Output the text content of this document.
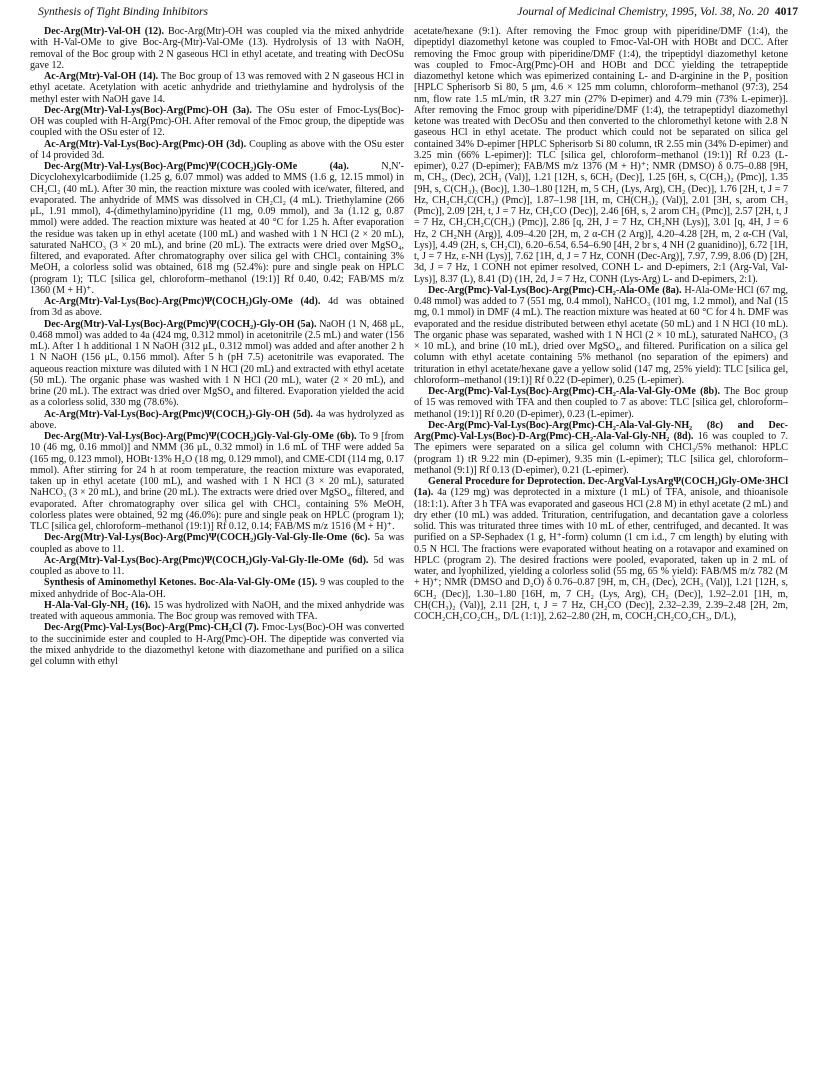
Synthesis of Tight Binding Inhibitors	Journal of Medicinal Chemistry, 1995, Vol. 38, No. 20 4017

Dec-Arg(Mtr)-Val-OH (12). Boc-Arg(Mtr)-OH was coupled via the mixed anhydride with H-Val-OMe to give Boc-Arg-(Mtr)-Val-OMe (13). Hydrolysis of 13 with NaOH, removal of the Boc group with 2 N gaseous HCl in ethyl acetate, and treating with DecOSu gave 12.

Ac-Arg(Mtr)-Val-OH (14). The Boc group of 13 was removed with 2 N gaseous HCl in ethyl acetate. Acetylation with acetic anhydride and triethylamine and hydrolysis of the methyl ester with NaOH gave 14.

Dec-Arg(Mtr)-Val-Lys(Boc)-Arg(Pmc)-OH (3a). The OSu ester of Fmoc-Lys(Boc)-OH was coupled with H-Arg(Pmc)-OH. After removal of the Fmoc group, the dipeptide was coupled with the OSu ester of 12.

Ac-Arg(Mtr)-Val-Lys(Boc)-Arg(Pmc)-OH (3d). Coupling as above with the OSu ester of 14 provided 3d.

Dec-Arg(Mtr)-Val-Lys(Boc)-Arg(Pmc)Ψ(COCH₂)Gly-OMe (4a). N,N′-Dicyclohexylcarbodiimide (1.25 g, 6.07 mmol) was added to MMS (1.6 g, 12.15 mmol) in CH₂Cl₂ (40 mL). After 30 min, the reaction mixture was cooled with ice/water, filtered, and evaporated. The anhydride of MMS was dissolved in CH₂Cl₂ (4 mL). Triethylamine (266 μL, 1.91 mmol), 4-(dimethylamino)pyridine (11 mg, 0.09 mmol), and 3a (1.12 g, 0.87 mmol) were added. The reaction mixture was heated at 40 °C for 1.25 h. After evaporation the residue was taken up in ethyl acetate (100 mL) and washed with 1 N HCl (2 × 20 mL), saturated NaHCO₃ (3 × 20 mL), and brine (20 mL). The extracts were dried over MgSO₄, filtered, and evaporated. After chromatography over silica gel with CHCl₃ containing 3% MeOH, a colorless solid was obtained, 618 mg (52.4%): pure and single peak on HPLC (program 1); TLC [silica gel, chloroform–methanol (19:1)] Rf 0.40, 0.42; FAB/MS m/z 1360 (M + H)⁺.

Ac-Arg(Mtr)-Val-Lys(Boc)-Arg(Pmc)Ψ(COCH₂)Gly-OMe (4d). 4d was obtained from 3d as above.

Dec-Arg(Mtr)-Val-Lys(Boc)-Arg(Pmc)Ψ(COCH₂)-Gly-OH (5a). NaOH (1 N, 468 μL, 0.468 mmol) was added to 4a (424 mg, 0.312 mmol) in acetonitrile (2.5 mL) and water (156 mL). After 1 h additional 1 N NaOH (312 μL, 0.312 mmol) was added and after another 2 h 1 N NaOH (156 μL, 0.156 mmol). After 5 h (pH 7.5) acetonitrile was evaporated. The aqueous reaction mixture was diluted with 1 N HCl (20 mL) and extracted with ethyl acetate (50 mL). The organic phase was washed with 1 N HCl (20 mL), water (2 × 20 mL), and brine (20 mL). The extract was dried over MgSO₄ and filtered. Evaporation yielded the acid as a colorless solid, 330 mg (78.6%).

Ac-Arg(Mtr)-Val-Lys(Boc)-Arg(Pmc)Ψ(COCH₂)-Gly-OH (5d). 4a was hydrolyzed as above.

Dec-Arg(Mtr)-Val-Lys(Boc)-Arg(Pmc)Ψ(COCH₂)Gly-Val-Gly-OMe (6b). To 9 [from 10 (46 mg, 0.16 mmol)] and NMM (36 μL, 0.32 mmol) in 1.6 mL of THF were added 5a (165 mg, 0.123 mmol), HOBt·13% H₂O (18 mg, 0.129 mmol), and CME-CDI (114 mg, 0.17 mmol). After stirring for 24 h at room temperature, the reaction mixture was evaporated, taken up in ethyl acetate (100 mL), and washed with 1 N HCl (3 × 20 mL), saturated NaHCO₃ (3 × 20 mL), and brine (20 mL). The extracts were dried over MgSO₄, filtered, and evaporated. After chromatography over silica gel with CHCl₃ containing 5% MeOH, colorless plates were obtained, 92 mg (46.0%): pure and single peak on HPLC (program 1); TLC [silica gel, chloroform–methanol (19:1)] Rf 0.12, 0.14; FAB/MS m/z 1516 (M + H)⁺.

Dec-Arg(Mtr)-Val-Lys(Boc)-Arg(Pmc)Ψ(COCH₂)Gly-Val-Gly-Ile-Ome (6c). 5a was coupled as above to 11.

Ac-Arg(Mtr)-Val-Lys(Boc)-Arg(Pmc)Ψ(COCH₂)Gly-Val-Gly-Ile-OMe (6d). 5d was coupled as above to 11.

Synthesis of Aminomethyl Ketones. Boc-Ala-Val-Gly-OMe (15). 9 was coupled to the mixed anhydride of Boc-Ala-OH.

H-Ala-Val-Gly-NH₂ (16). 15 was hydrolized with NaOH, and the mixed anhydride was treated with aqueous ammonia. The Boc group was removed with TFA.

Dec-Arg(Pmc)-Val-Lys(Boc)-Arg(Pmc)-CH₂Cl (7). Fmoc-Lys(Boc)-OH was converted to the succinimide ester and coupled to H-Arg(Pmc)-OH. The dipeptide was converted via the mixed anhydride to the diazomethyl ketone with diazomethane and purified on a silica gel column with ethyl

acetate/hexane (9:1). After removing the Fmoc group with piperidine/DMF (1:4), the dipeptidyl diazomethyl ketone was coupled to Fmoc-Val-OH with HOBt and DCC. After removing the Fmoc group with piperidine/DMF (1:4), the tripeptidyl diazomethyl ketone was coupled to Fmoc-Arg(Pmc)-OH and HOBt and DCC yielding the tetrapeptide diazomethyl ketone which was epimerized containing L- and D-arginine in the P₁ position [HPLC Spherisorb Si 80, 5 μm, 4.6 × 125 mm column, chloroform–methanol (97:3), 254 nm, flow rate 1.5 mL/min, tR 3.27 min (27% D-epimer) and 4.79 min (73% L-epimer)]. After removing the Fmoc group with piperidine/DMF (1:4), the tetrapeptidyl diazomethyl ketone was treated with DecOSu and then converted to the chloromethyl ketone with 2.8 N gaseous HCl in ethyl acetate. The product which could not be separated on silica gel contained 34% D-epimer [HPLC Spherisorb Si 80 column, tR 2.55 min (34% D-epimer) and 3.25 min (66% L-epimer)]: TLC [silica gel, chloroform–methanol (19:1)] Rf 0.23 (L-epimer), 0.27 (D-epimer); FAB/MS m/z 1376 (M + H)⁺; NMR (DMSO) δ 0.75–0.88 [9H, m, CH₃, (Dec), 2CH₃ (Val)], 1.21 [12H, s, 6CH₂ (Dec)], 1.25 [6H, s, C(CH₃)₂ (Pmc)], 1.35 [9H, s, C(CH₃)₃ (Boc)], 1.30–1.80 [12H, m, 5 CH₂ (Lys, Arg), CH₂ (Dec)], 1.76 [2H, t, J = 7 Hz, CH₂CH₂C(CH₃) (Pmc)], 1.87–1.98 [1H, m, CH(CH₃)₂ (Val)], 2.01 [3H, s, arom CH₃ (Pmc)], 2.09 [2H, t, J = 7 Hz, CH₂CO (Dec)], 2.46 [6H, s, 2 arom CH₃ (Pmc)], 2.57 [2H, t, J = 7 Hz, CH₂CH₂C(CH₃) (Pmc)], 2.86 [q, 2H, J = 7 Hz, CH₂NH (Lys)], 3.01 [q, 4H, J = 6 Hz, 2 CH₂NH (Arg)], 4.09–4.20 [2H, m, 2 α-CH (2 Arg)], 4.20–4.28 [2H, m, 2 α-CH (Val, Lys)], 4.49 (2H, s, CH₂Cl), 6.20–6.54, 6.54–6.90 [4H, 2 br s, 4 NH (2 guanidino)], 6.72 [1H, t, J = 7 Hz, ε-NH (Lys)], 7.62 [1H, d, J = 7 Hz, CONH (Dec-Arg)], 7.97, 7.99, 8.06 (D) [2H, 3d, J = 7 Hz, 1 CONH not epimer resolved, CONH L- and D-epimers, 2:1 (Arg-Val, Val-Lys)], 8.37 (L), 8.41 (D) (1H, 2d, J = 7 Hz, CONH (Lys-Arg) L- and D-epimers, 2:1).

Dec-Arg(Pmc)-Val-Lys(Boc)-Arg(Pmc)-CH₂-Ala-OMe (8a). H-Ala-OMe·HCl (67 mg, 0.48 mmol) was added to 7 (551 mg, 0.4 mmol), NaHCO₃ (101 mg, 1.2 mmol), and NaI (15 mg, 0.1 mmol) in DMF (4 mL). The reaction mixture was heated at 60 °C for 4 h. DMF was evaporated and the residue distributed between ethyl acetate (50 mL) and 1 N HCl (10 mL). The organic phase was separated, washed with 1 N HCl (2 × 10 mL), saturated NaHCO₃ (3 × 10 mL), and brine (10 mL), dried over MgSO₄, and filtered. Purification on a silica gel column with ethyl acetate containing 5% methanol (no separation of the epimers) and trituration in ethyl acetate/hexane gave a yellow solid (147 mg, 25% yield): TLC [silica gel, chloroform–methanol (19:1)] Rf 0.22 (D-epimer), 0.25 (L-epimer).

Dec-Arg(Pmc)-Val-Lys(Boc)-Arg(Pmc)-CH₂-Ala-Val-Gly-OMe (8b). The Boc group of 15 was removed with TFA and then coupled to 7 as above: TLC [silica gel, chloroform–methanol (19:1)] Rf 0.20 (D-epimer), 0.23 (L-epimer).

Dec-Arg(Pmc)-Val-Lys(Boc)-Arg(Pmc)-CH₂-Ala-Val-Gly-NH₂ (8c) and Dec-Arg(Pmc)-Val-Lys(Boc)-D-Arg(Pmc)-CH₂-Ala-Val-Gly-NH₂ (8d). 16 was coupled to 7. The epimers were separated on a silica gel column with CHCl₃/5% methanol: HPLC (program 1) tR 9.22 min (D-epimer), 9.35 min (L-epimer); TLC [silica gel, chloroform–methanol (9:1)] Rf 0.13 (D-epimer), 0.21 (L-epimer).

General Procedure for Deprotection. Dec-ArgVal-LysArgΨ(COCH₂)Gly-OMe·3HCl (1a). 4a (129 mg) was deprotected in a mixture (1 mL) of TFA, anisole, and thioanisole (18:1:1). After 3 h TFA was evaporated and gaseous HCl (2.8 M) in ethyl acetate (2 mL) and dry ether (10 mL) was added. Trituration, centrifugation, and decantation gave a colorless solid. This was triturated three times with 10 mL of ether, centrifuged, and decanted. It was purified on a SP-Sephadex (1 g, H⁺-form) column (1 cm i.d., 7 cm length) by eluting with 0.5 N HCl. The fractions were evaporated without heating on a rotavapor and examined on HPLC (program 2). The desired fractions were pooled, evaporated, taken up in 2 mL of water, and lyophilized, yielding a colorless solid (55 mg, 65 % yield): FAB/MS m/z 782 (M + H)⁺; NMR (DMSO and D₂O) δ 0.76–0.87 [9H, m, CH₃ (Dec), 2CH₃ (Val)], 1.21 [12H, s, 6CH₂ (Dec)], 1.30–1.80 [16H, m, 7 CH₂ (Lys, Arg), CH₂ (Dec)], 1.92–2.01 [1H, m, CH(CH₃)₂ (Val)], 2.11 [2H, t, J = 7 Hz, CH₂CO (Dec)], 2.32–2.39, 2.39–2.48 [2H, 2m, COCH₂CH₂CO₂CH₃, D/L (1:1)], 2.62–2.80 (2H, m, COCH₂CH₂CO₂CH₃, D/L),
